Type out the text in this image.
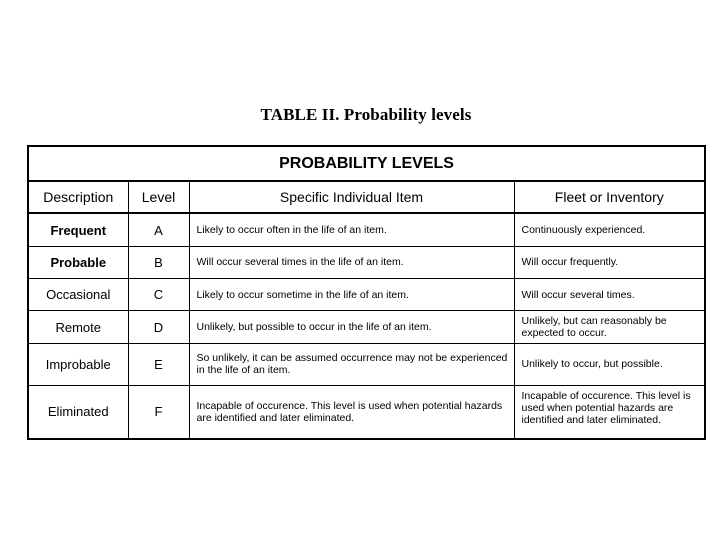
TABLE II. Probability levels
PROBABILITY LEVELS			
Description	Level	Specific Individual Item	Fleet or Inventory
Frequent	A	Likely to occur often in the life of an item.	Continuously experienced.
Probable	B	Will occur several times in the life of an item.	Will occur frequently.
Occasional	C	Likely to occur sometime in the life of an item.	Will occur several times.
Remote	D	Unlikely, but possible to occur in the life of an item.	Unlikely, but can reasonably be expected to occur.
Improbable	E	So unlikely, it can be assumed occurrence may not be experienced in the life of an item.	Unlikely to occur, but possible.
Eliminated	F	Incapable of occurence. This level is used when potential hazards are identified and later eliminated.	Incapable of occurence. This level is used when potential hazards are identified and later eliminated.
